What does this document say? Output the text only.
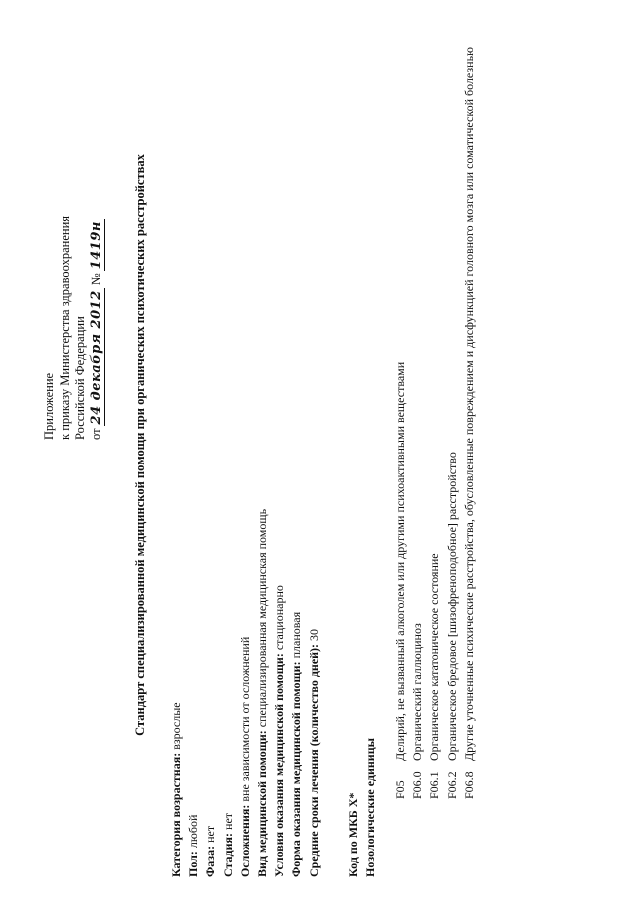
Приложение к приказу Министерства здравоохранения Российской Федерации от
24 декабря 2012
№
1419н Стандарт специализированной медицинской помощи при органических психотических расстройствах
Категория возрастная: взрослые
Пол: любой
Фаза: нет Стадия: нет Осложнения: вне зависимости от осложнений Вид медицинской помощи: специализированная медицинская помощь
Условия оказания медицинской помощи: стационарно
Форма оказания медицинской помощи: плановая
Средние сроки лечения (количество дней): 30
Код по МКБ X* Нозологические единицы F05
Делирий, не вызванный алкоголем или другими психоактивными веществами
F06.0
Органический галлюциноз
F06.1
Органическое кататоническое состояние
F06.2
Органическое бредовое [шизофреноподобное] расстройство
F06.8
Другие уточненные психические расстройства, обусловленные повреждением и дисфункцией головного мозга или соматической болезнью
